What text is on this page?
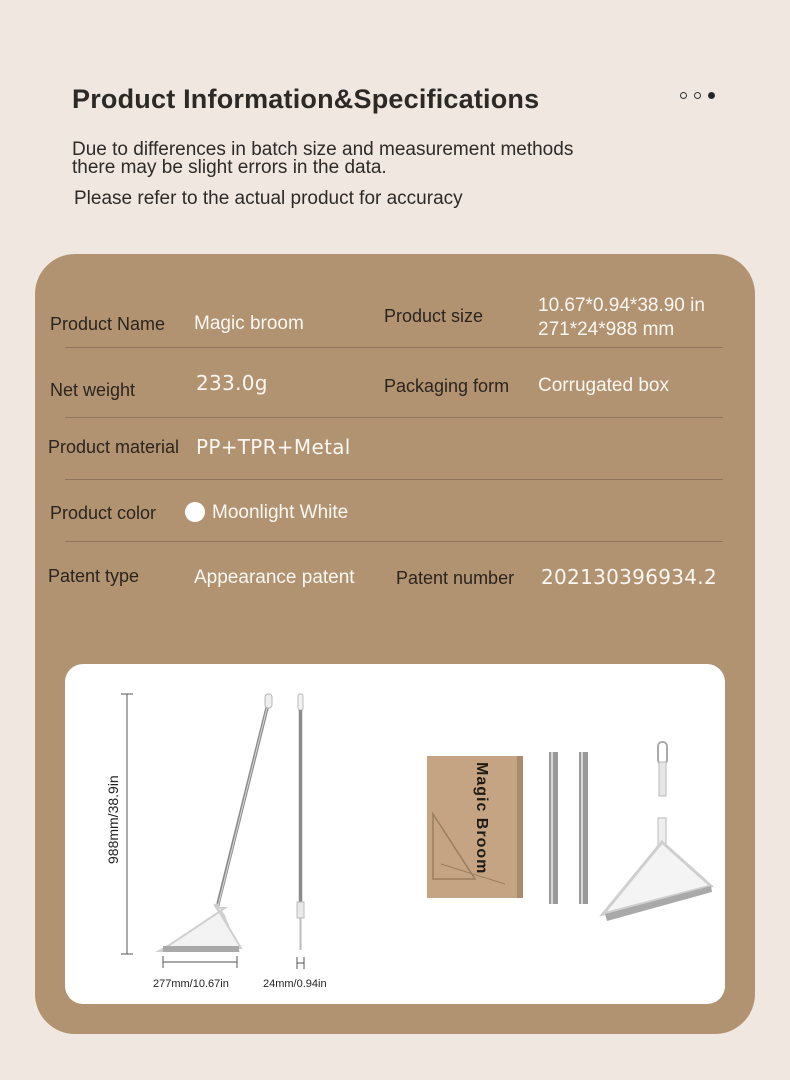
Product Information&Specifications
Due to differences in batch size and measurement methods
there may be slight errors in the data.
Please refer to the actual product for accuracy
Product Name Magic broom	Product size	10.67*0.94*38.90 in
271*24*988 mm
Net weight	233.0g	Packaging form Corrugated box
Product material PP+TPR+Metal
Product color	Moonlight White
Patent type	Appearance patent Patent number 202130396934.2
988mm/38.9in
277mm/10.67in	24mm/0.94in
Magic Broom
